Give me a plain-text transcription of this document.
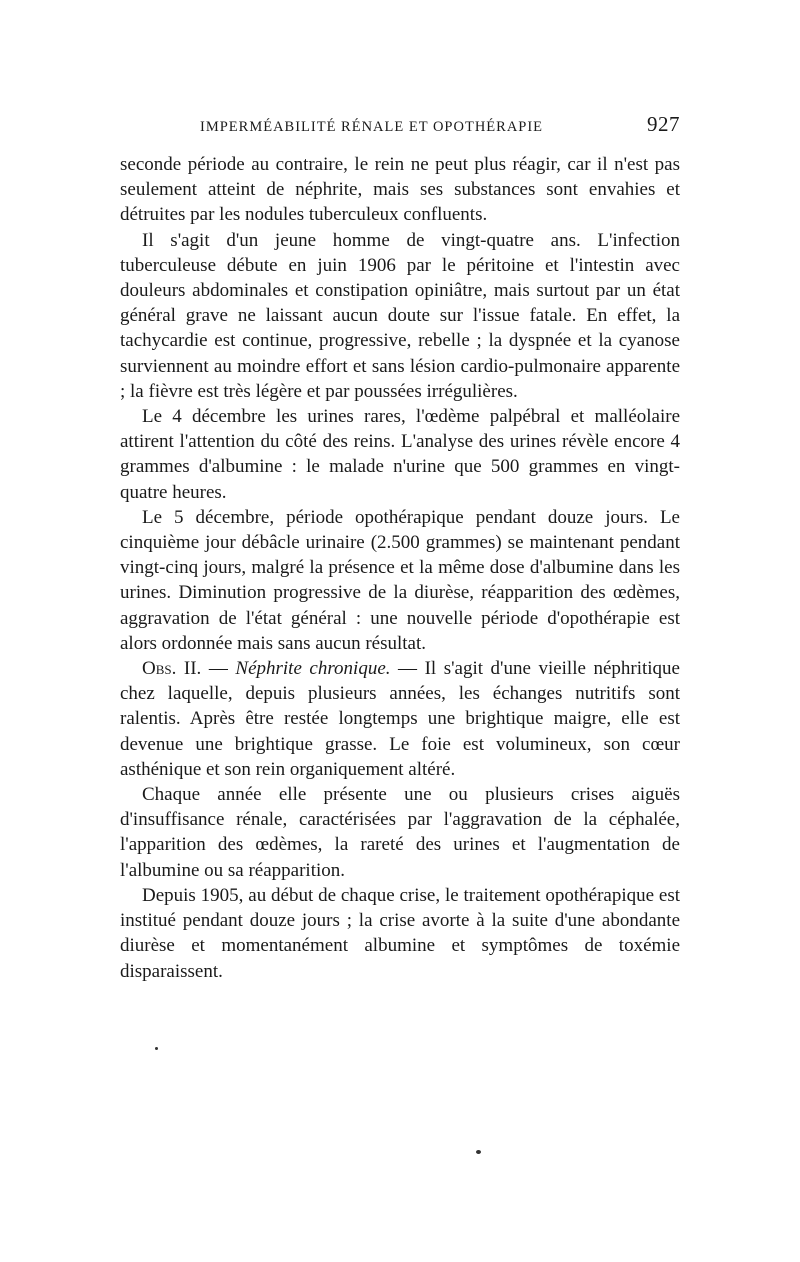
IMPERMÉABILITÉ RÉNALE ET OPOTHÉRAPIE	927

seconde période au contraire, le rein ne peut plus réagir, car il n'est pas seulement atteint de néphrite, mais ses substances sont envahies et détruites par les nodules tuberculeux confluents.

Il s'agit d'un jeune homme de vingt-quatre ans. L'infection tuberculeuse débute en juin 1906 par le péritoine et l'intestin avec douleurs abdominales et constipation opiniâtre, mais surtout par un état général grave ne laissant aucun doute sur l'issue fatale. En effet, la tachycardie est continue, progressive, rebelle ; la dyspnée et la cyanose surviennent au moindre effort et sans lésion cardio-pulmonaire apparente ; la fièvre est très légère et par poussées irrégulières.

Le 4 décembre les urines rares, l'œdème palpébral et malléolaire attirent l'attention du côté des reins. L'analyse des urines révèle encore 4 grammes d'albumine : le malade n'urine que 500 grammes en vingt-quatre heures.

Le 5 décembre, période opothérapique pendant douze jours. Le cinquième jour débâcle urinaire (2.500 grammes) se maintenant pendant vingt-cinq jours, malgré la présence et la même dose d'albumine dans les urines. Diminution progressive de la diurèse, réapparition des œdèmes, aggravation de l'état général : une nouvelle période d'opothérapie est alors ordonnée mais sans aucun résultat.

Obs. II. — Néphrite chronique. — Il s'agit d'une vieille néphritique chez laquelle, depuis plusieurs années, les échanges nutritifs sont ralentis. Après être restée longtemps une brightique maigre, elle est devenue une brightique grasse. Le foie est volumineux, son cœur asthénique et son rein organiquement altéré.

Chaque année elle présente une ou plusieurs crises aiguës d'insuffisance rénale, caractérisées par l'aggravation de la céphalée, l'apparition des œdèmes, la rareté des urines et l'augmentation de l'albumine ou sa réapparition.

Depuis 1905, au début de chaque crise, le traitement opothérapique est institué pendant douze jours ; la crise avorte à la suite d'une abondante diurèse et momentanément albumine et symptômes de toxémie disparaissent.
